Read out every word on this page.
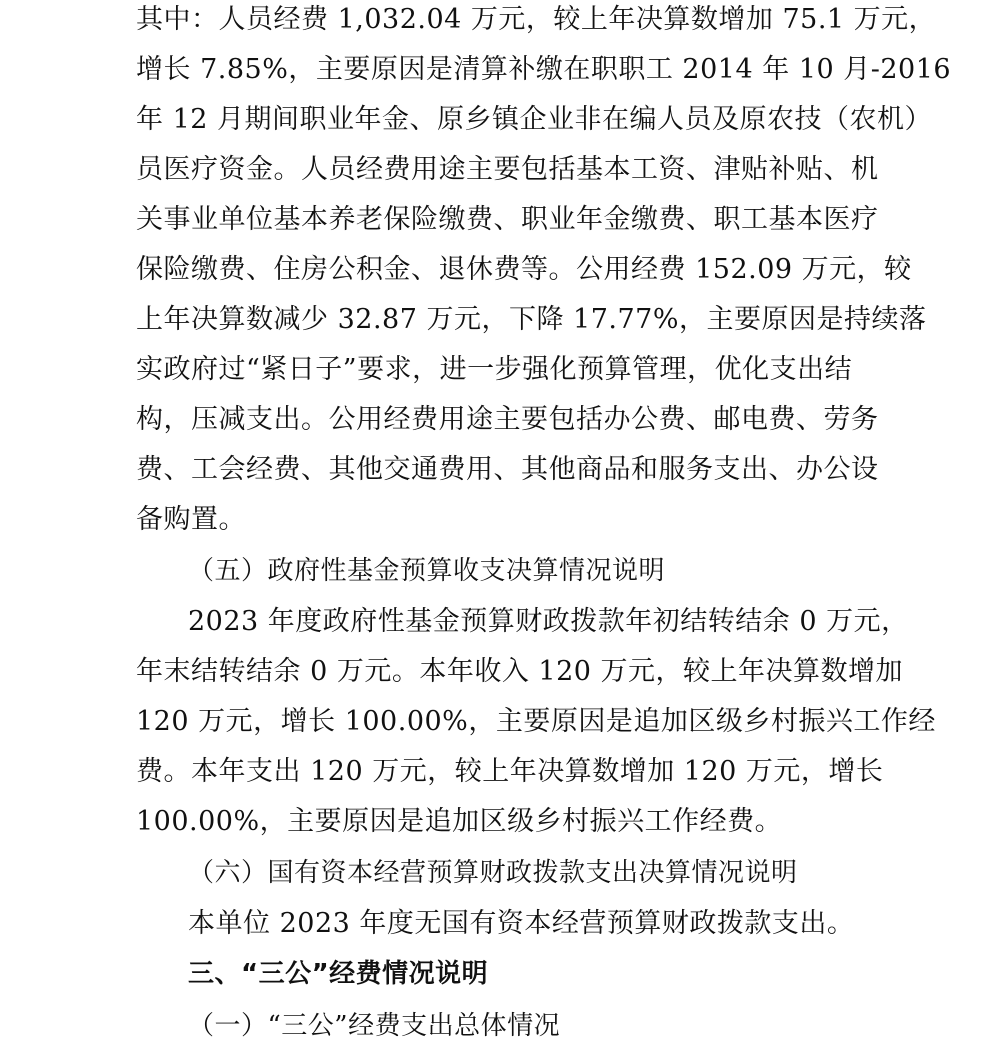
其中：人员经费 1,032.04 万元，较上年决算数增加 75.1 万元，
增长 7.85%，主要原因是清算补缴在职职工 2014 年 10 月-2016
年 12 月期间职业年金、原乡镇企业非在编人员及原农技（农机）
员医疗资金。人员经费用途主要包括基本工资、津贴补贴、机
关事业单位基本养老保险缴费、职业年金缴费、职工基本医疗
保险缴费、住房公积金、退休费等。公用经费 152.09 万元，较
上年决算数减少 32.87 万元，下降 17.77%，主要原因是持续落
实政府过“紧日子”要求，进一步强化预算管理，优化支出结
构，压减支出。公用经费用途主要包括办公费、邮电费、劳务
费、工会经费、其他交通费用、其他商品和服务支出、办公设
备购置。
（五）政府性基金预算收支决算情况说明
2023 年度政府性基金预算财政拨款年初结转结余 0 万元，
年末结转结余 0 万元。本年收入 120 万元，较上年决算数增加
120 万元，增长 100.00%，主要原因是追加区级乡村振兴工作经
费。本年支出 120 万元，较上年决算数增加 120 万元，增长
100.00%，主要原因是追加区级乡村振兴工作经费。
（六）国有资本经营预算财政拨款支出决算情况说明
本单位 2023 年度无国有资本经营预算财政拨款支出。
三、“三公”经费情况说明
（一）“三公”经费支出总体情况
